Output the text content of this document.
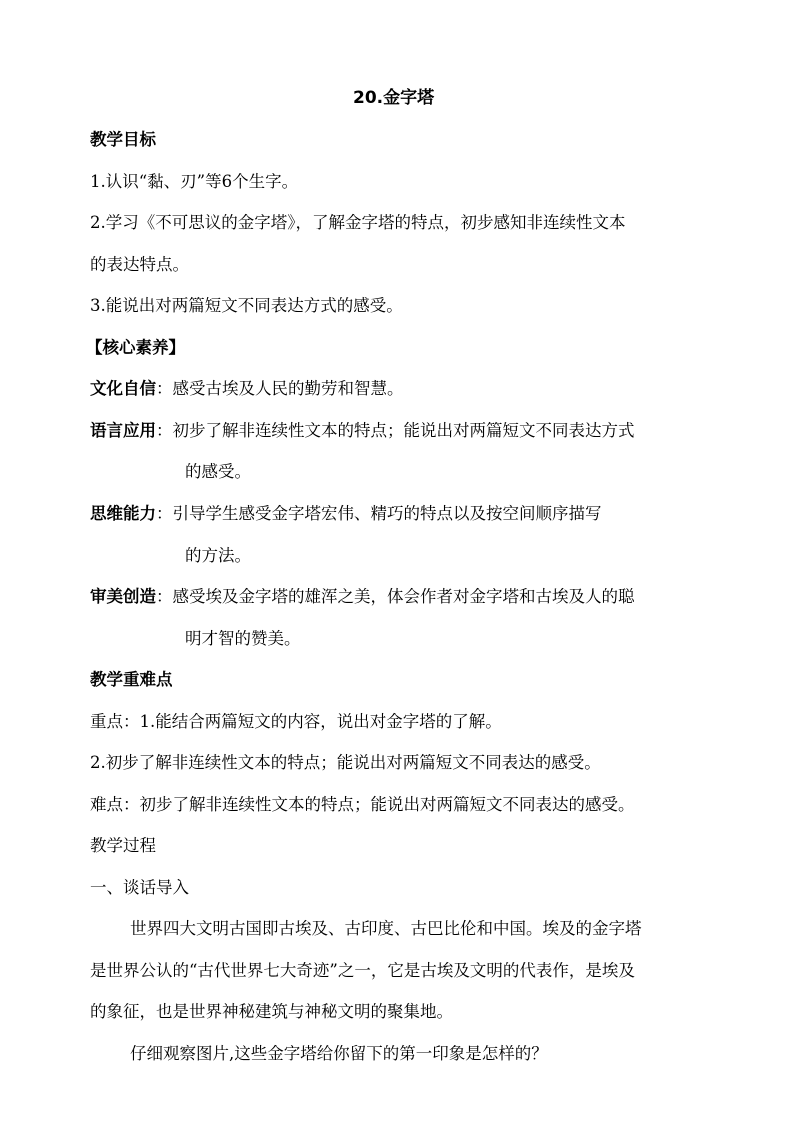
20.金字塔
教学目标
1.认识“黏、刃”等6个生字。
2.学习《不可思议的金字塔》，了解金字塔的特点，初步感知非连续性文本
的表达特点。
3.能说出对两篇短文不同表达方式的感受。
【核心素养】
文化自信：感受古埃及人民的勤劳和智慧。
语言应用：初步了解非连续性文本的特点；能说出对两篇短文不同表达方式
的感受。
思维能力：引导学生感受金字塔宏伟、精巧的特点以及按空间顺序描写
的方法。
审美创造：感受埃及金字塔的雄浑之美，体会作者对金字塔和古埃及人的聪
明才智的赞美。
教学重难点
重点：1.能结合两篇短文的内容，说出对金字塔的了解。
2.初步了解非连续性文本的特点；能说出对两篇短文不同表达的感受。
难点：初步了解非连续性文本的特点；能说出对两篇短文不同表达的感受。
教学过程
一、谈话导入
世界四大文明古国即古埃及、古印度、古巴比伦和中国。埃及的金字塔
是世界公认的“古代世界七大奇迹”之一，它是古埃及文明的代表作，是埃及
的象征，也是世界神秘建筑与神秘文明的聚集地。
仔细观察图片,这些金字塔给你留下的第一印象是怎样的？
